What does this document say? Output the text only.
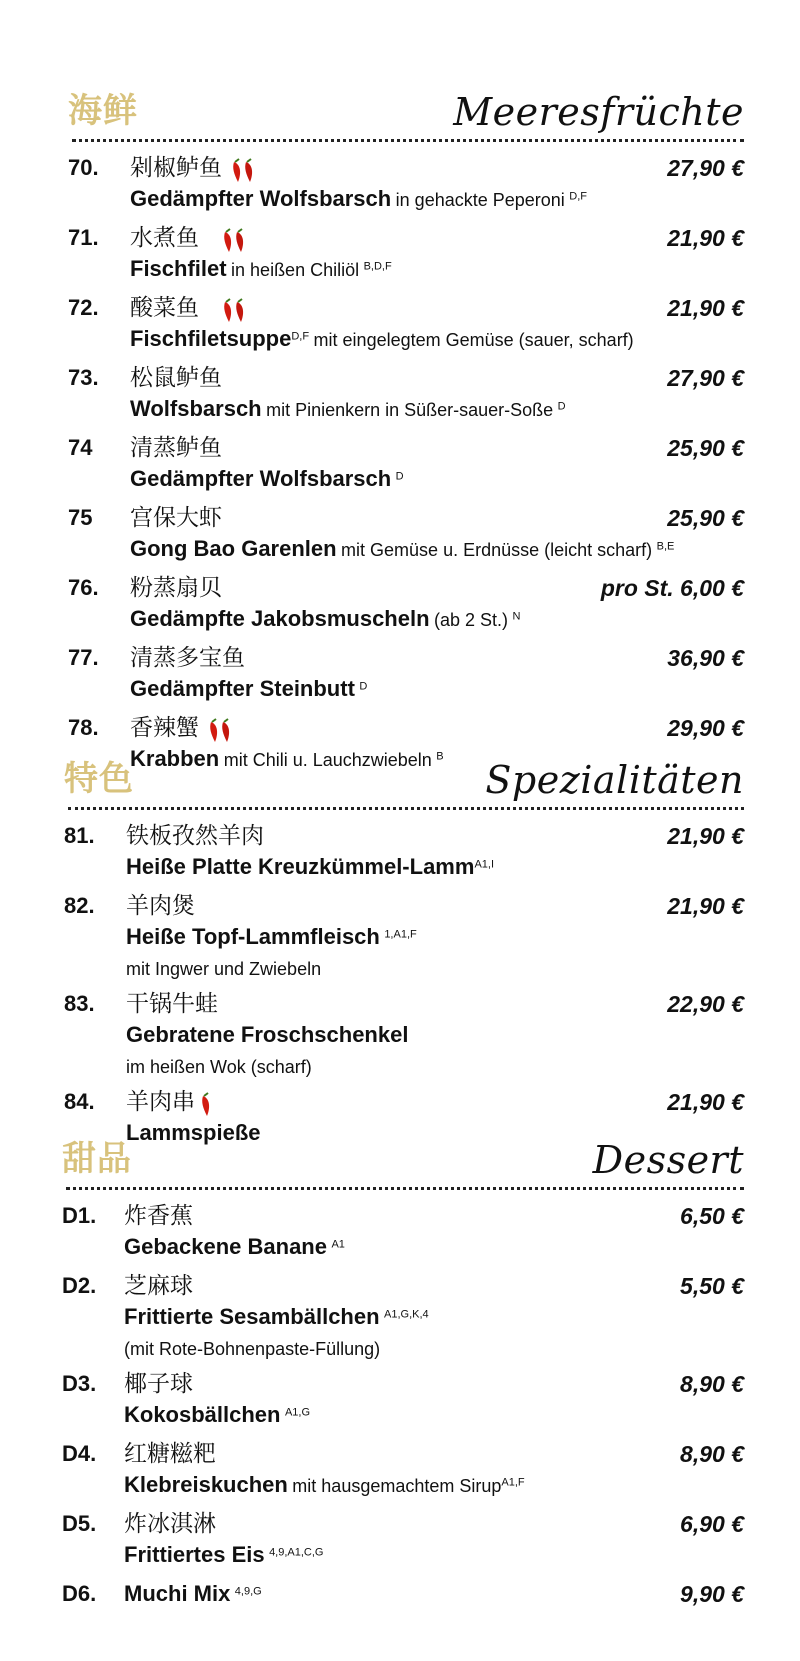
海鲜	Meeresfrüchte
70. 剁椒鲈鱼	27,90 €
Gedämpfter Wolfsbarsch in gehackte Peperoni $^{D,F}$
71. 水煮鱼	21,90 €
Fischfilet in heißen Chiliöl $^{B,D,F}$
72. 酸菜鱼	21,90 €
Fischfiletsuppe$^{D,F}$ mit eingelegtem Gemüse (sauer, scharf)
73. 松鼠鲈鱼	27,90 €
Wolfsbarsch mit Pinienkern in Süßer-sauer-Soße $^D$
74 清蒸鲈鱼	25,90 €
Gedämpfter Wolfsbarsch $^D$
75 宫保大虾	25,90 €
Gong Bao Garenlen mit Gemüse u. Erdnüsse (leicht scharf) $^{B,E}$
76. 粉蒸扇贝	pro St. 6,00 €
Gedämpfte Jakobsmuscheln (ab 2 St.) $^N$
77. 清蒸多宝鱼	36,90 €
Gedämpfter Steinbutt $^D$
78. 香辣蟹	29,90 €
Krabben mit Chili u. Lauchzwiebeln $^B$
特色	Spezialitäten
81. 铁板孜然羊肉	21,90 €
Heiße Platte Kreuzkümmel-Lamm$^{A1,I}$
82. 羊肉煲	21,90 €
Heiße Topf-Lammfleisch $^{1,A1,F}$
mit Ingwer und Zwiebeln
83. 干锅牛蛙	22,90 €
Gebratene Froschschenkel
im heißen Wok (scharf)
84. 羊肉串	21,90 €
Lammspieße
甜品	Dessert
D1. 炸香蕉	6,50 €
Gebackene Banane $^{A1}$
D2. 芝麻球	5,50 €
Frittierte Sesambällchen $^{A1,G,K,4}$
(mit Rote-Bohnenpaste-Füllung)
D3. 椰子球	8,90 €
Kokosbällchen $^{A1,G}$
D4. 红糖糍粑	8,90 €
Klebreiskuchen mit hausgemachtem Sirup$^{A1,F}$
D5. 炸冰淇淋	6,90 €
Frittiertes Eis $^{4,9,A1,C,G}$
D6. Muchi Mix $^{4,9,G}$	9,90 €
